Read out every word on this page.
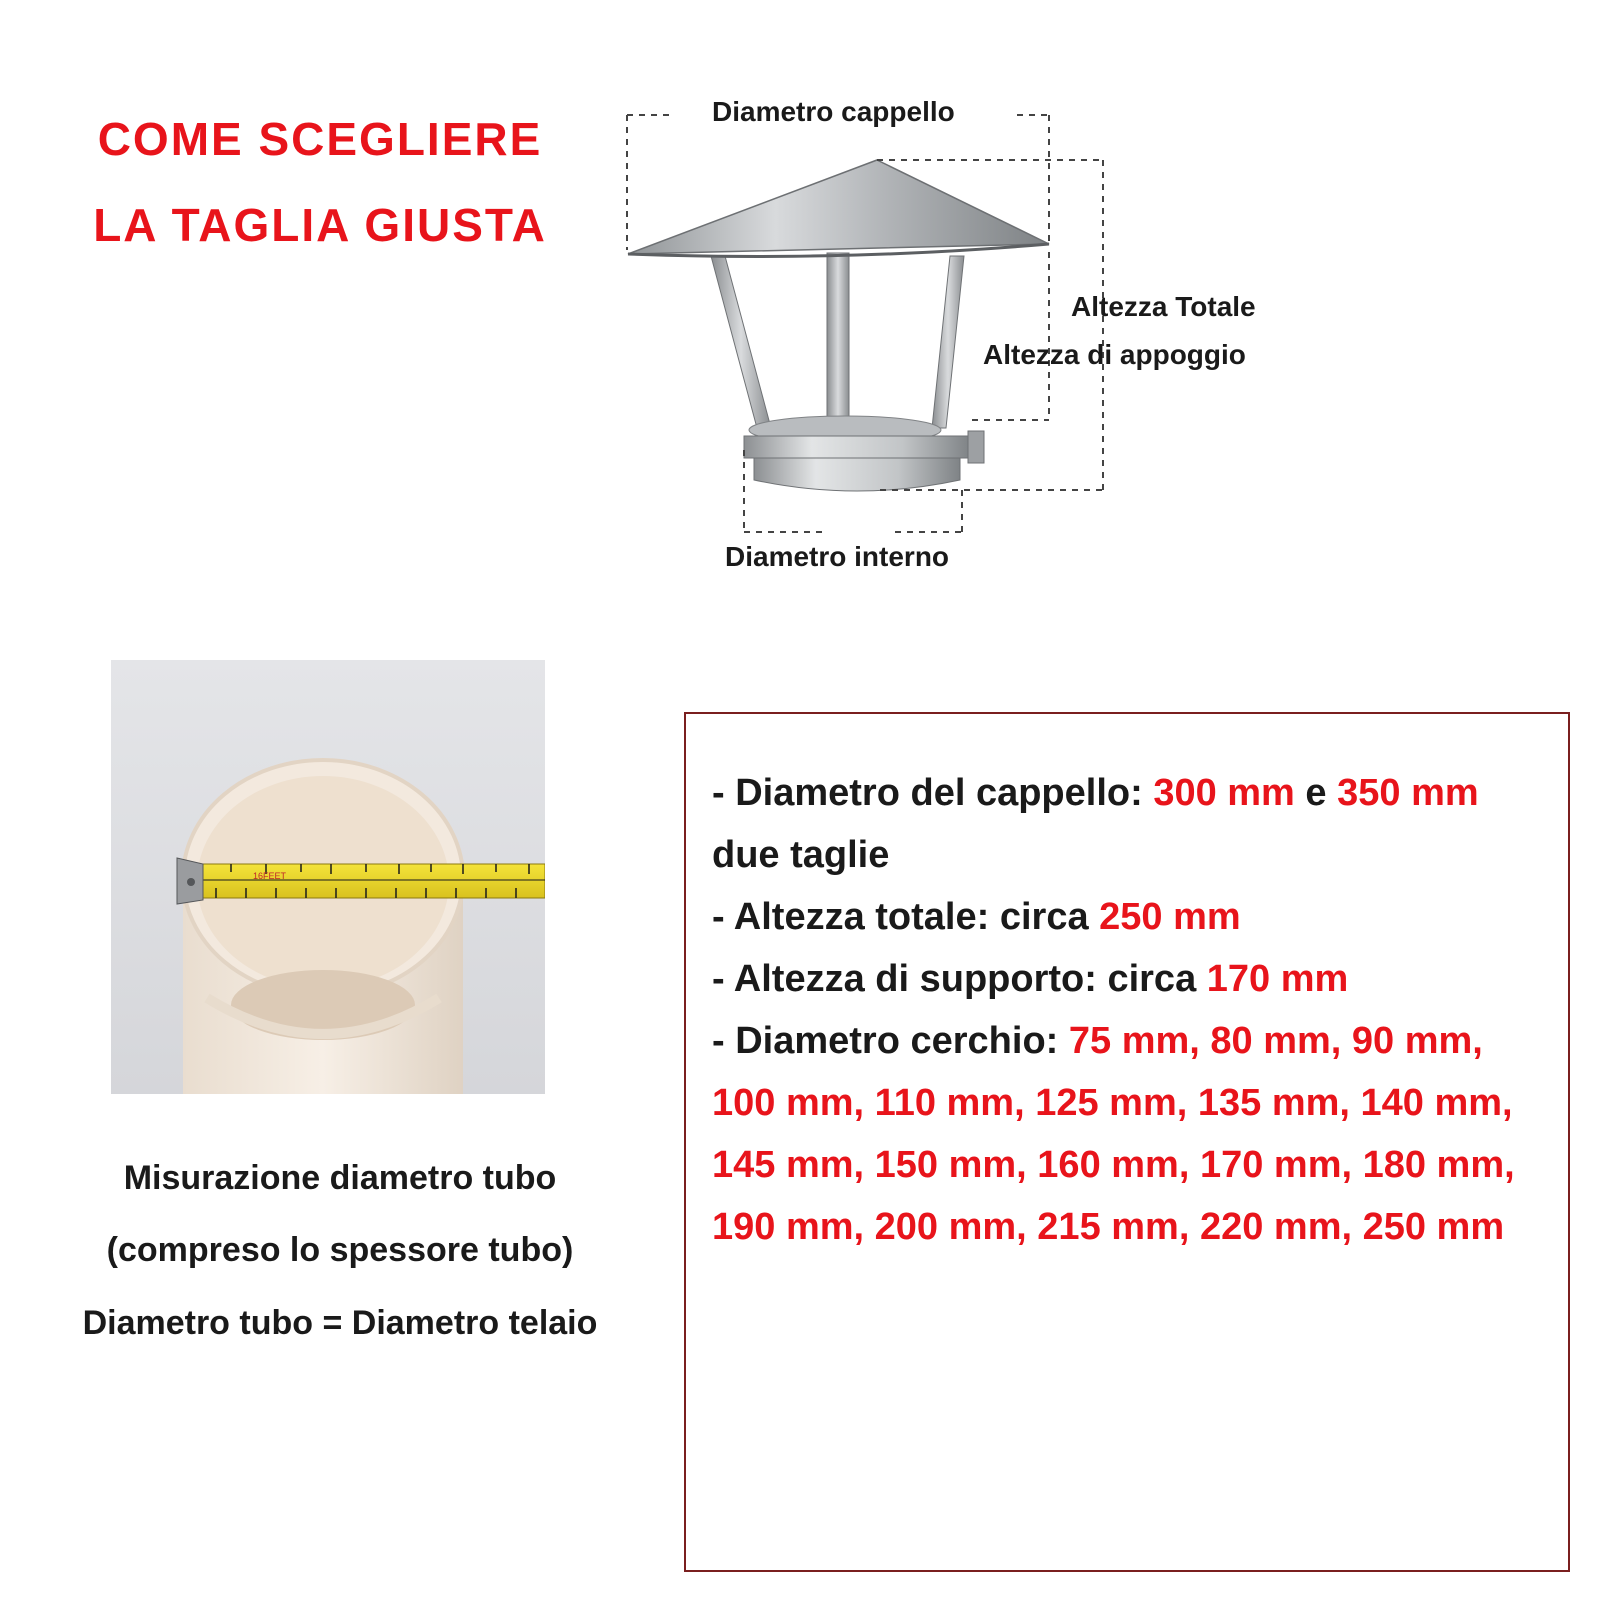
COME SCEGLIERE
LA TAGLIA GIUSTA
Diametro cappello
Altezza Totale
Altezza di appoggio
Diametro interno
16FEET

Misurazione diametro tubo

(compreso lo spessore tubo)

Diametro tubo = Diametro telaio

- Diametro del cappello: 300 mm e 350 mm due taglie
- Altezza totale: circa 250 mm
- Altezza di supporto: circa 170 mm
- Diametro cerchio: 75 mm, 80 mm, 90 mm, 100 mm, 110 mm, 125 mm, 135 mm, 140 mm, 145 mm, 150 mm, 160 mm, 170 mm, 180 mm, 190 mm, 200 mm, 215 mm, 220 mm, 250 mm
